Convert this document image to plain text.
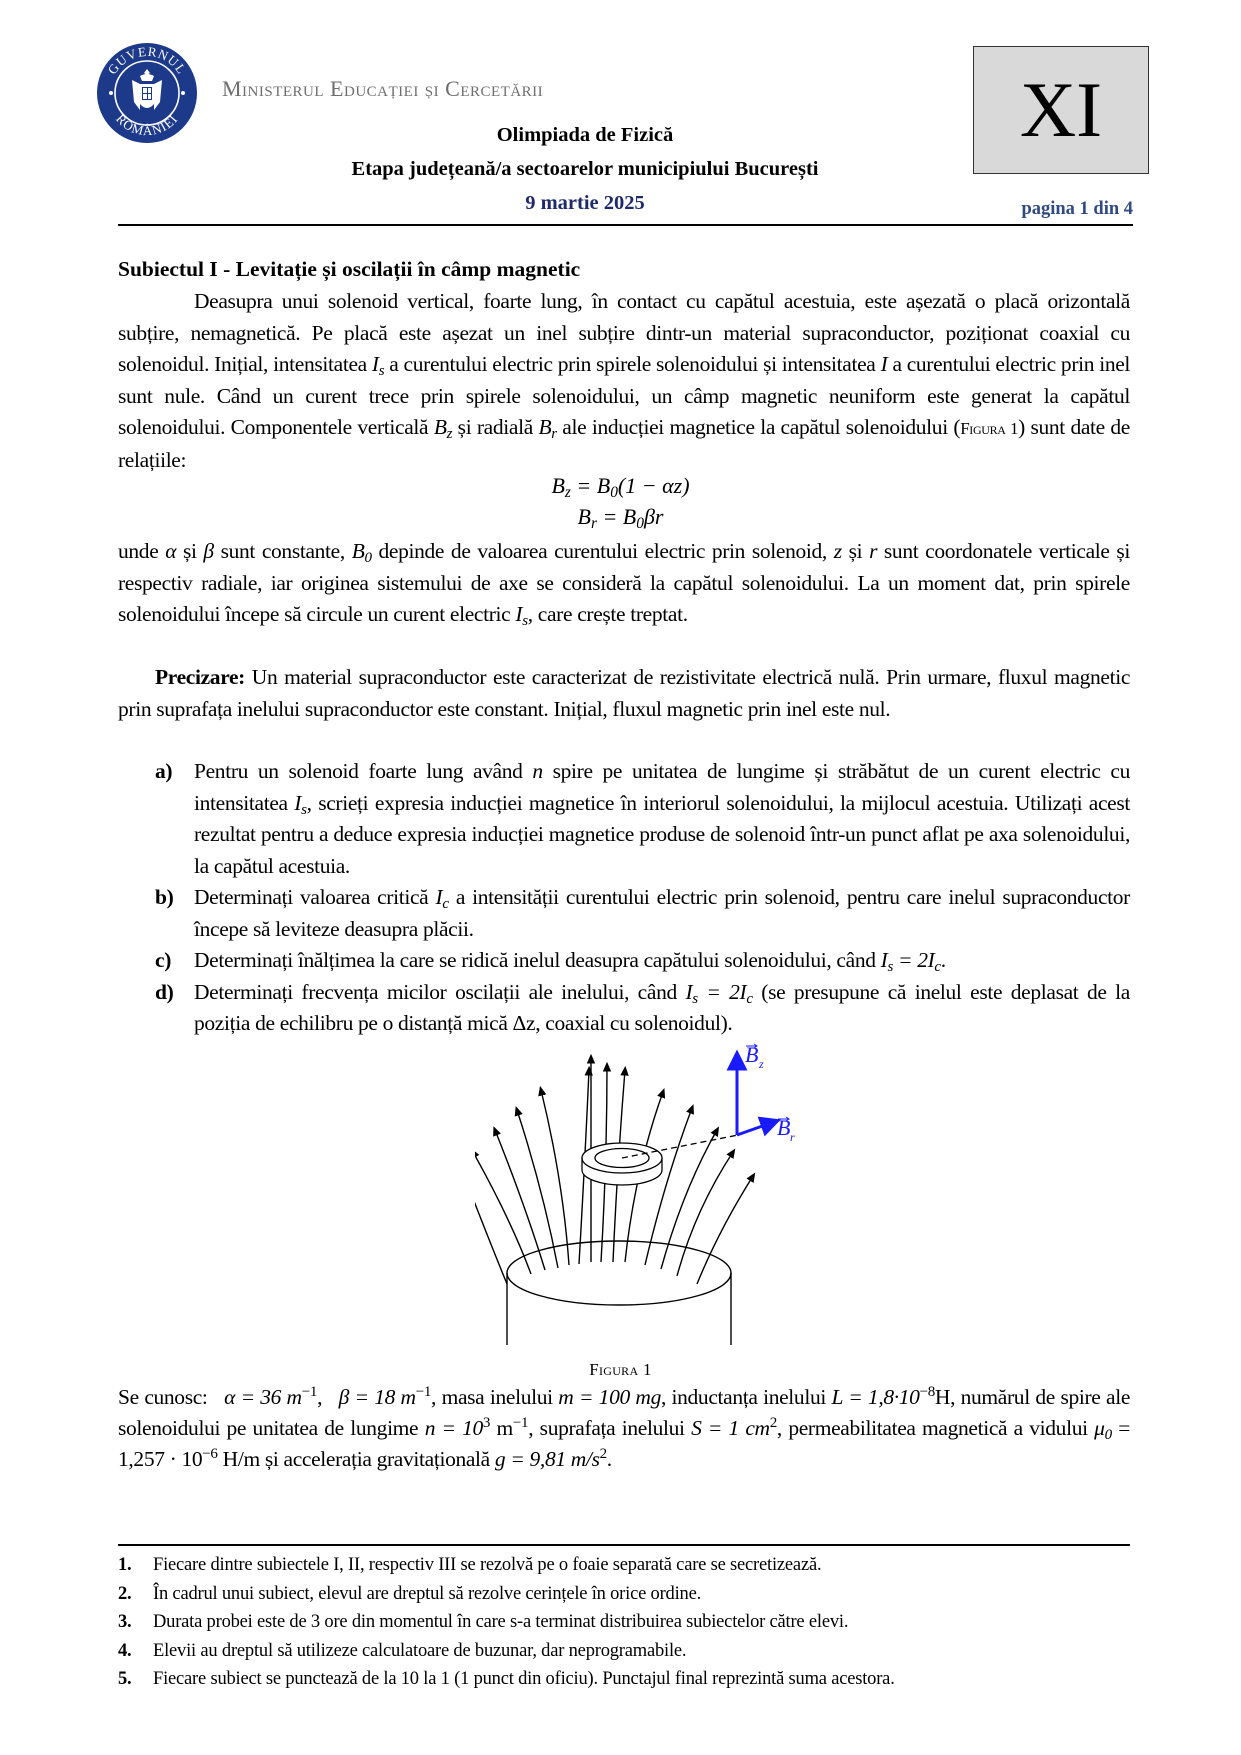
GUVERNUL
ROMÂNIEI
Ministerul Educației și Cercetării
Olimpiada de Fizică
Etapa județeană/a sectoarelor municipiului București
9 martie 2025
XI
pagina 1 din 4
Subiectul I - Levitație și oscilații în câmp magnetic
Deasupra unui solenoid vertical, foarte lung, în contact cu capătul acestuia, este așezată o placă orizontală subțire, nemagnetică. Pe placă este așezat un inel subțire dintr-un material supraconductor, poziționat coaxial cu solenoidul. Inițial, intensitatea $I_s$ a curentului electric prin spirele solenoidului și intensitatea I a curentului electric prin inel sunt nule. Când un curent trece prin spirele solenoidului, un câmp magnetic neuniform este generat la capătul solenoidului. Componentele verticală $B_z$ și radială $B_r$ ale inducției magnetice la capătul solenoidului (Figura 1) sunt date de relațiile:
$B_z = B_0(1 - \alpha z)$
$B_r = B_0\beta r$
unde α și β sunt constante, $B_0$ depinde de valoarea curentului electric prin solenoid, z și r sunt coordonatele verticale și respectiv radiale, iar originea sistemului de axe se consideră la capătul solenoidului. La un moment dat, prin spirele solenoidului începe să circule un curent electric $I_s$, care crește treptat.
Precizare: Un material supraconductor este caracterizat de rezistivitate electrică nulă. Prin urmare, fluxul magnetic prin suprafața inelului supraconductor este constant. Inițial, fluxul magnetic prin inel este nul.
a) Pentru un solenoid foarte lung având n spire pe unitatea de lungime și străbătut de un curent electric cu intensitatea $I_s$, scrieți expresia inducției magnetice în interiorul solenoidului, la mijlocul acestuia. Utilizați acest rezultat pentru a deduce expresia inducției magnetice produse de solenoid într-un punct aflat pe axa solenoidului, la capătul acestuia.
b) Determinați valoarea critică $I_c$ a intensității curentului electric prin solenoid, pentru care inelul supraconductor începe să leviteze deasupra plăcii.
c) Determinați înălțimea la care se ridică inelul deasupra capătului solenoidului, când $I_s = 2I_c$.
d) Determinați frecvența micilor oscilații ale inelului, când $I_s = 2I_c$ (se presupune că inelul este deplasat de la poziția de echilibru pe o distanță mică Δz, coaxial cu solenoidul).
B z
B r
Figura 1
Se cunosc: α = 36 $m^{-1}$,   β = 18 $m^{-1}$, masa inelului m = 100 mg, inductanța inelului $L = 1,8\cdot 10^{-8}H$, numărul de spire ale solenoidului pe unitatea de lungime $n = 10^3$ $m^{-1}$, suprafața inelului S = 1 $cm^2$, permeabilitatea magnetică a vidului $\mu_0 = 1,257 \cdot 10^{-6}$ H/m și accelerația gravitațională g = 9,81 $m/s^2$.
1. Fiecare dintre subiectele I, II, respectiv III se rezolvă pe o foaie separată care se secretizează.
2. În cadrul unui subiect, elevul are dreptul să rezolve cerințele în orice ordine.
3. Durata probei este de 3 ore din momentul în care s-a terminat distribuirea subiectelor către elevi.
4. Elevii au dreptul să utilizeze calculatoare de buzunar, dar neprogramabile.
5. Fiecare subiect se punctează de la 10 la 1 (1 punct din oficiu). Punctajul final reprezintă suma acestora.
